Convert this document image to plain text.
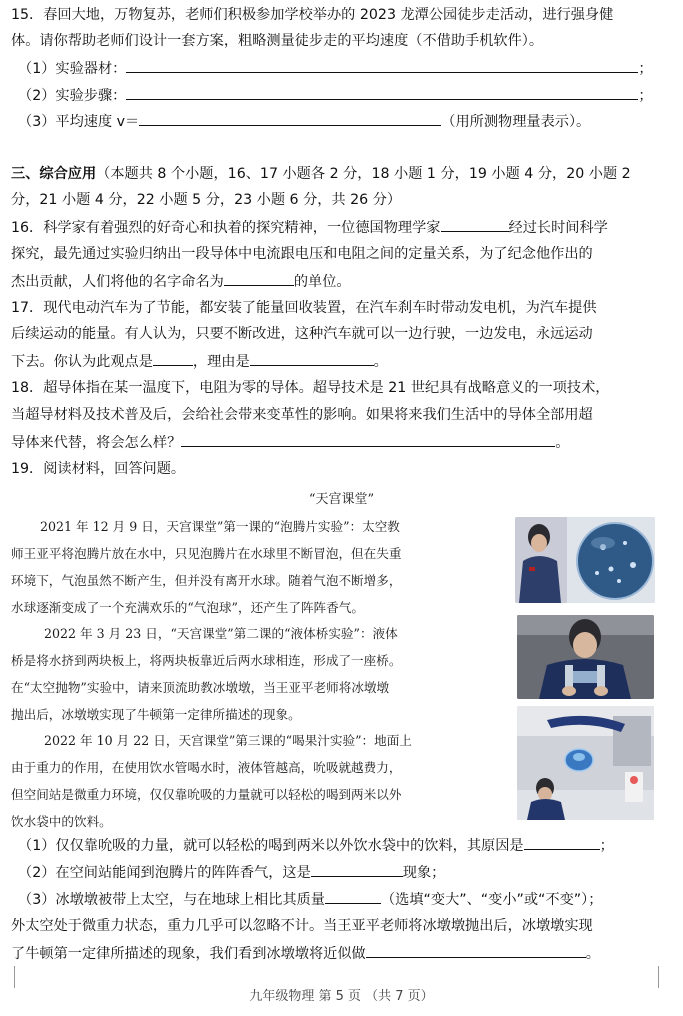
15．春回大地，万物复苏，老师们积极参加学校举办的 2023 龙潭公园徒步走活动，进行强身健
体。请你帮助老师们设计一套方案，粗略测量徒步走的平均速度（不借助手机软件）。
（1）实验器材：	；
（2）实验步骤：	；
（3）平均速度 v＝	（用所测物理量表示）。
三、综合应用（本题共 8 个小题，16、17 小题各 2 分，18 小题 1 分，19 小题 4 分，20 小题 2
分，21 小题 4 分，22 小题 5 分，23 小题 6 分，共 26 分）
16．科学家有着强烈的好奇心和执着的探究精神，一位德国物理学家	经过长时间科学
探究，最先通过实验归纳出一段导体中电流跟电压和电阻之间的定量关系，为了纪念他作出的
杰出贡献，人们将他的名字命名为	的单位。
17．现代电动汽车为了节能，都安装了能量回收装置，在汽车刹车时带动发电机，为汽车提供
后续运动的能量。有人认为，只要不断改进，这种汽车就可以一边行驶，一边发电，永远运动
下去。你认为此观点是	，理由是	。
18．超导体指在某一温度下，电阻为零的导体。超导技术是 21 世纪具有战略意义的一项技术，
当超导材料及技术普及后，会给社会带来变革性的影响。如果将来我们生活中的导体全部用超
导体来代替，将会怎么样？	。
19．阅读材料，回答问题。
“天宫课堂”
2021 年 12 月 9 日，天宫课堂”第一课的“泡腾片实验”：太空教
师王亚平将泡腾片放在水中，只见泡腾片在水球里不断冒泡，但在失重
环境下，气泡虽然不断产生，但并没有离开水球。随着气泡不断增多，
水球逐渐变成了一个充满欢乐的“气泡球”，还产生了阵阵香气。
2022 年 3 月 23 日，“天宫课堂”第二课的“液体桥实验”：液体
桥是将水挤到两块板上，将两块板靠近后两水球相连，形成了一座桥。
在“太空抛物”实验中，请来顶流助教冰墩墩，当王亚平老师将冰墩墩
抛出后，冰墩墩实现了牛顿第一定律所描述的现象。
2022 年 10 月 22 日，天宫课堂”第三课的“喝果汁实验”：地面上
由于重力的作用，在使用饮水管喝水时，液体管越高，吮吸就越费力，
但空间站是微重力环境，仅仅靠吮吸的力量就可以轻松的喝到两米以外
饮水袋中的饮料。
（1）仅仅靠吮吸的力量，就可以轻松的喝到两米以外饮水袋中的饮料，其原因是	；
（2）在空间站能闻到泡腾片的阵阵香气，这是	现象；
（3）冰墩墩被带上太空，与在地球上相比其质量	（选填“变大”、“变小”或“不变”）；
外太空处于微重力状态，重力几乎可以忽略不计。当王亚平老师将冰墩墩抛出后，冰墩墩实现
了牛顿第一定律所描述的现象，我们看到冰墩墩将近似做	。
九年级物理 第 5 页 （共 7 页）
